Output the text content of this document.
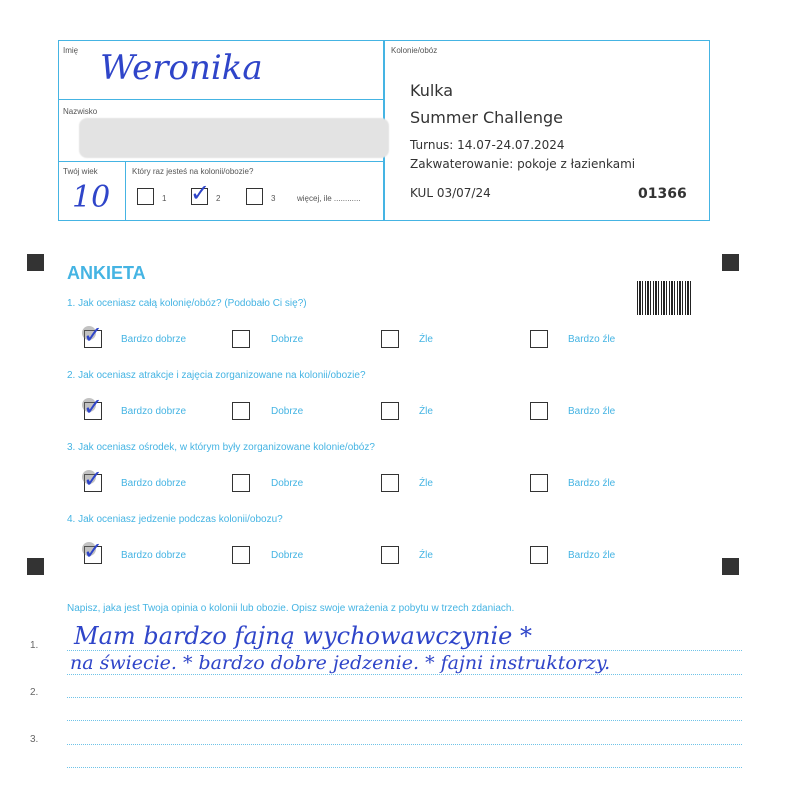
Imię Weronika
Nazwisko
Twój wiek
10
Który raz jesteś na kolonii/obozie?
1 ✓ 2	3	więcej, ile ............
Kolonie/obóz
Kulka
Summer Challenge
Turnus: 14.07-24.07.2024
Zakwaterowanie: pokoje z łazienkami
KUL 03/07/24	01366
ANKIETA
1. Jak oceniasz całą kolonię/obóz? (Podobało Ci się?)
✓ Bardzo dobrze	Dobrze	Źle	Bardzo źle
2. Jak oceniasz atrakcje i zajęcia zorganizowane na kolonii/obozie?
✓ Bardzo dobrze	Dobrze	Źle	Bardzo źle
3. Jak oceniasz ośrodek, w którym były zorganizowane kolonie/obóz?
✓ Bardzo dobrze	Dobrze	Źle	Bardzo źle
4. Jak oceniasz jedzenie podczas kolonii/obozu?
✓ Bardzo dobrze	Dobrze	Źle	Bardzo źle
Napisz, jaka jest Twoja opinia o kolonii lub obozie. Opisz swoje wrażenia z pobytu w trzech zdaniach.
1.
2.
3.
Mam bardzo fajną wychowawczynie *
na świecie. * bardzo dobre jedzenie. * fajni instruktorzy.
